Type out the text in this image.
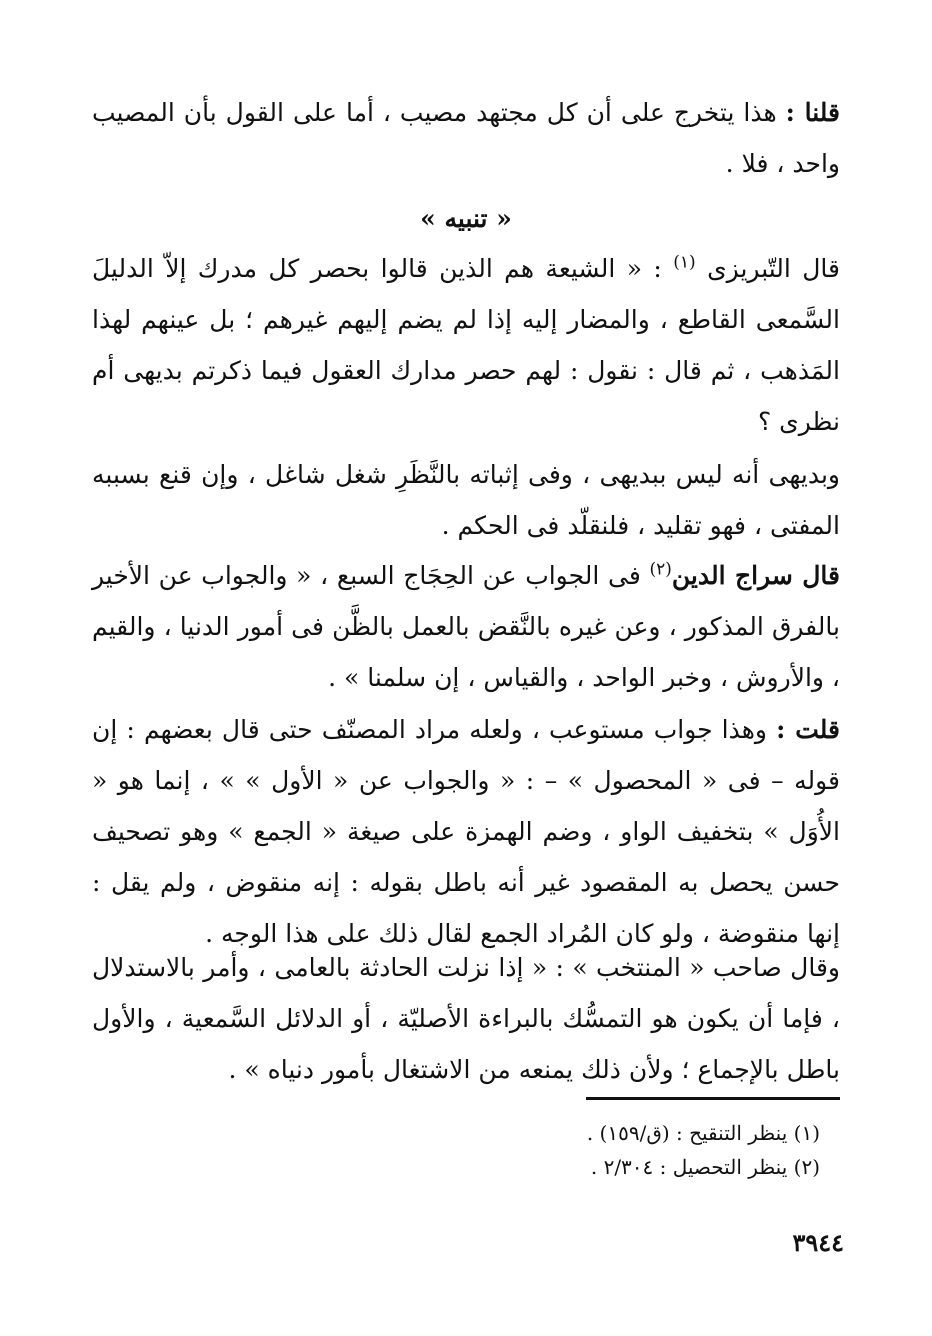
قلنا : هذا يتخرج على أن كل مجتهد مصيب ، أما على القول بأن المصيب واحد ، فلا .

« تنبيه »

قال التّبريزى $^{(١)}$ : « الشيعة هم الذين قالوا بحصر كل مدرك إلاّ الدليلَ السَّمعى القاطع ، والمضار إليه إذا لم يضم إليهم غيرهم ؛ بل عينهم لهذا المَذهب ، ثم قال : نقول : لهم حصر مدارك العقول فيما ذكرتم بديهى أم نظرى ؟

وبديهى أنه ليس ببديهى ، وفى إثباته بالنَّظَرِ شغل شاغل ، وإن قنع بسببه المفتى ، فهو تقليد ، فلنقلّد فى الحكم .

قال سراج الدين$^{(٢)}$ فى الجواب عن الحِجَاج السبع ، « والجواب عن الأخير بالفرق المذكور ، وعن غيره بالنَّقض بالعمل بالظَّن فى أمور الدنيا ، والقيم ، والأروش ، وخبر الواحد ، والقياس ، إن سلمنا » .

قلت : وهذا جواب مستوعب ، ولعله مراد المصنّف حتى قال بعضهم : إن قوله – فى « المحصول » – : « والجواب عن « الأول » » ، إنما هو « الأُوَل » بتخفيف الواو ، وضم الهمزة على صيغة « الجمع » وهو تصحيف حسن يحصل به المقصود غير أنه باطل بقوله : إنه منقوض ، ولم يقل : إنها منقوضة ، ولو كان المُراد الجمع لقال ذلك على هذا الوجه .

وقال صاحب « المنتخب » : « إذا نزلت الحادثة بالعامى ، وأمر بالاستدلال ، فإما أن يكون هو التمسُّك بالبراءة الأصليّة ، أو الدلائل السَّمعية ، والأول باطل بالإجماع ؛ ولأن ذلك يمنعه من الاشتغال بأمور دنياه » .

(١) ينظر التنقيح : (ق/١٥٩) .
(٢) ينظر التحصيل : ٢/٣٠٤ .
٣٩٤٤
